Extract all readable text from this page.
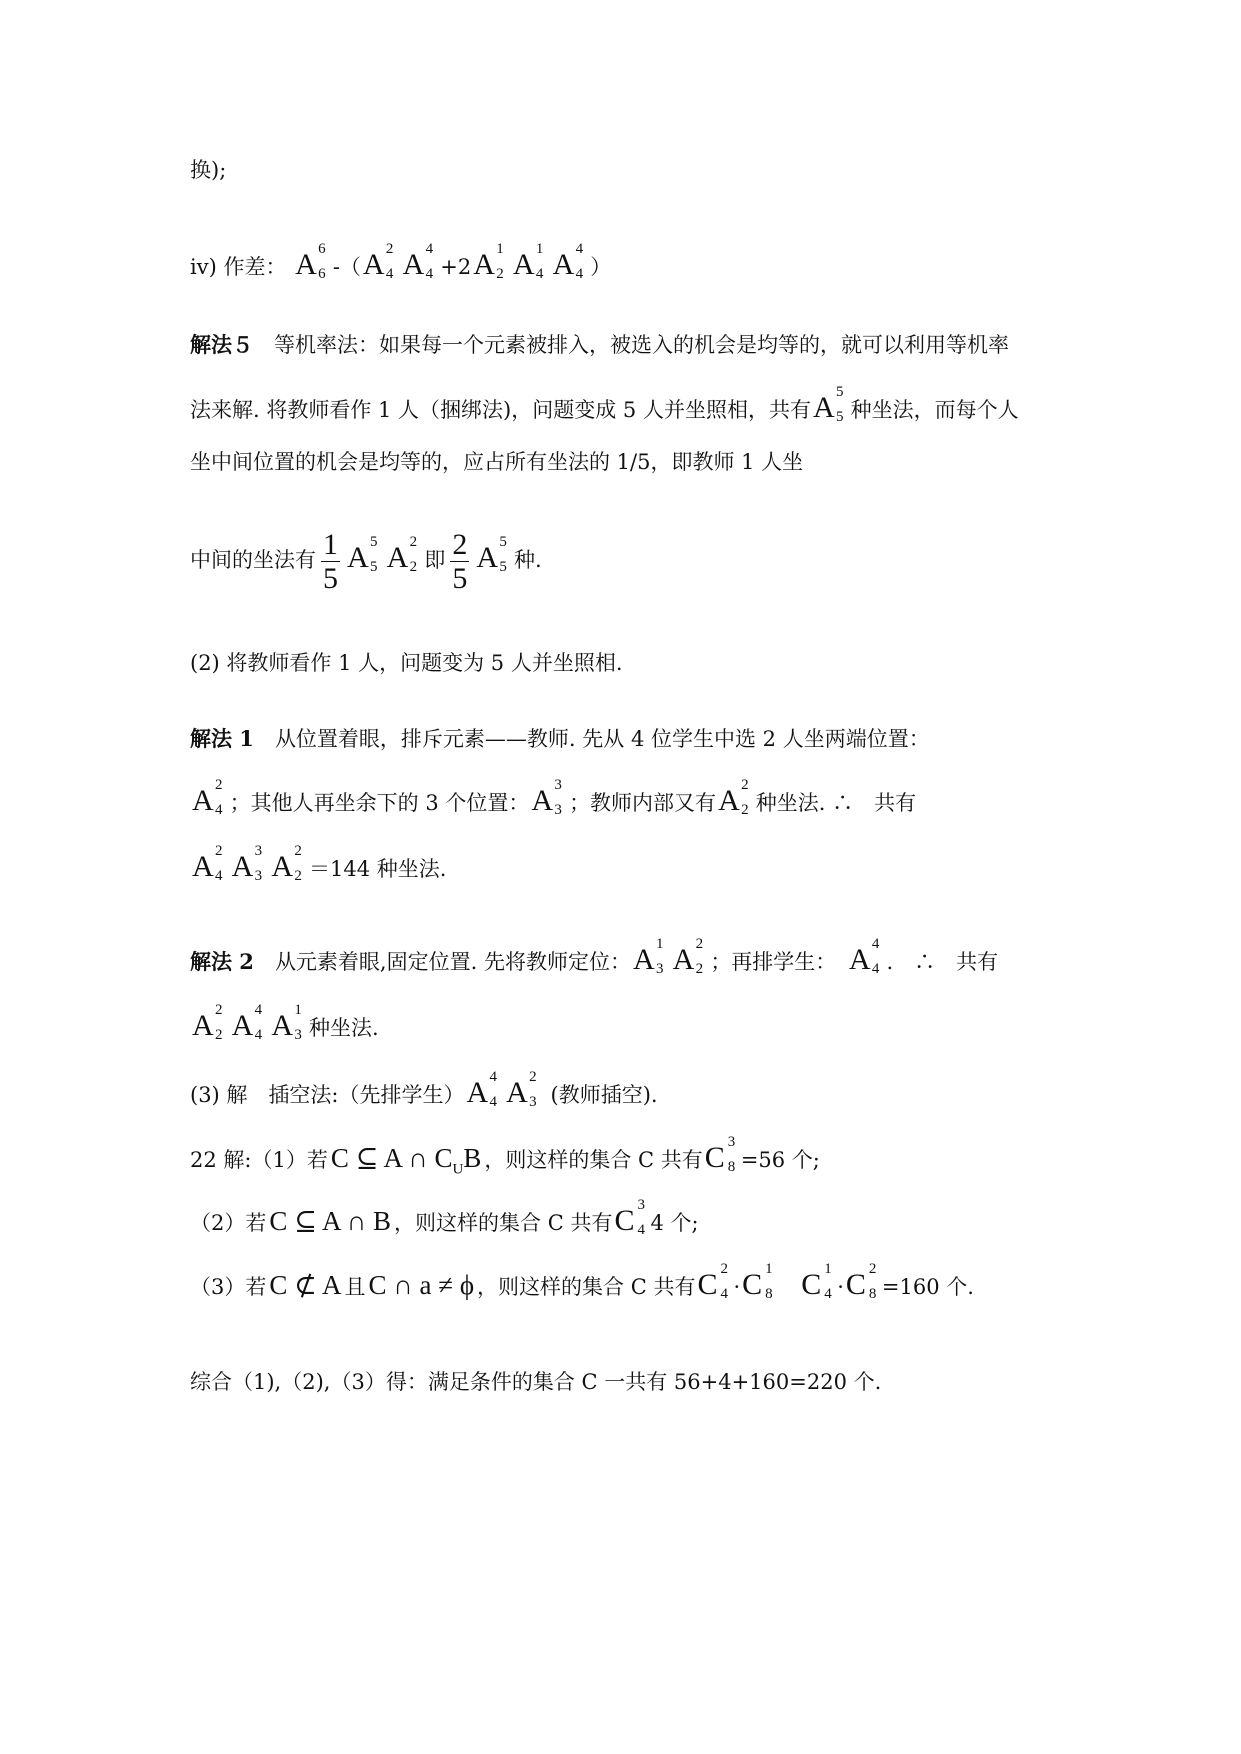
换);
ⅳ) 作差： A 6
6 -（A 2
4 A 4
4 +2A 1
2 A 1
4 A 4
4 ）
解法５　 等机率法：如果每一个元素被排入，被选入的机会是均等的，就可以利用等机率
法来解. 将教师看作 1 人（捆绑法)，问题变成 5 人并坐照相，共有A 5
5 种坐法，而每个人
坐中间位置的机会是均等的，应占所有坐法的 1/5，即教师 1 人坐
中间的坐法有 $\frac{1}{5}$ A 5
5 A 2
2 即 $\frac{2}{5}$ A 5
5 种.
(2) 将教师看作 1 人，问题变为 5 人并坐照相.
解法 1　 从位置着眼，排斥元素——教师. 先从 4 位学生中选 2 人坐两端位置：
A 2
4 ；其他人再坐余下的 3 个位置：A 3
3 ；教师内部又有A 2
2 种坐法. ∴　共有
A 2
4 A 3
3 A 2
2 ＝144 种坐法.
解法 2　 从元素着眼,固定位置. 先将教师定位：A 1
3 A 2
2 ；再排学生：　 A 4
4 .　∴　共有
A 2
2 A 4
4 A 1
3 种坐法.
(3) 解　 插空法:（先排学生）A 4
4 A 2
3 (教师插空).
22 解:（1）若 C ⊆ A ∩ $C_UB$ ，则这样的集合 C 共有C 3
8 =56 个;
（2）若 C ⊆ A ∩ B ，则这样的集合 C 共有C 3
4 4 个;
（3）若 C ⊄ A 且 C ∩ a ≠ ϕ ，则这样的集合 C 共有C 2
4 ·C 1
8
　 C 1
4 ·C 2
8 =160 个.
综合（1),（2),（3）得：满足条件的集合 C 一共有 56+4+160=220 个.
